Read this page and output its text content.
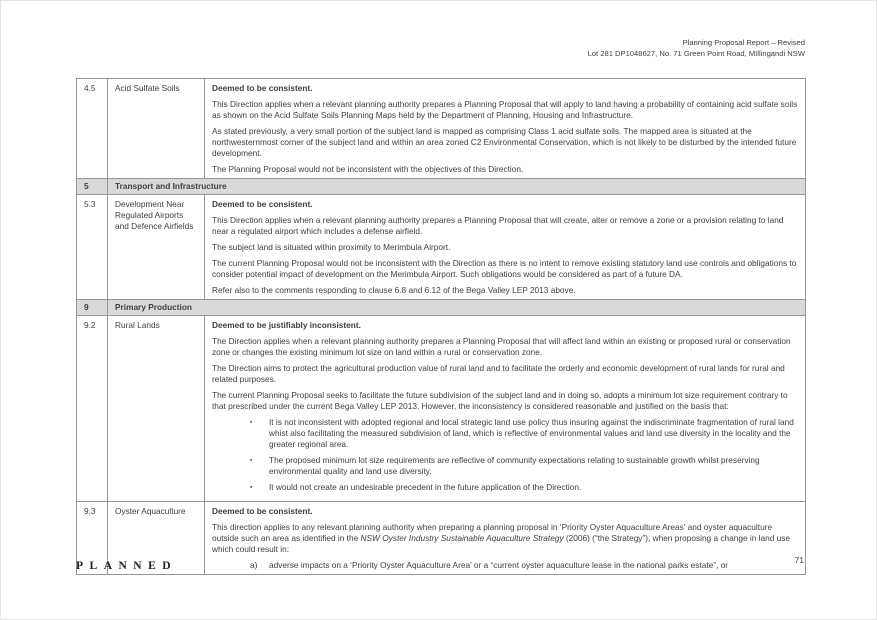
Planning Proposal Report – Revised
Lot 281 DP1048627, No. 71 Green Point Road, MIllingandi NSW
4.5	Acid Sulfate Soils	Deemed to be consistent.

This Direction applies when a relevant planning authority prepares a Planning Proposal that will apply to land having a probability of containing acid sulfate soils as shown on the Acid Sulfate Soils Planning Maps held by the Department of Planning, Housing and Infrastructure.

As stated previously, a very small portion of the subject land is mapped as comprising Class 1 acid sulfate soils. The mapped area is situated at the northwesternmost corner of the subject land and within an area zoned C2 Environmental Conservation, which is not likely to be disturbed by the intended future development.

The Planning Proposal would not be inconsistent with the objectives of this Direction.

5	Transport and Infrastructure	
5.3	Development Near Regulated Airports and Defence Airfields	Deemed to be consistent.

This Direction applies when a relevant planning authority prepares a Planning Proposal that will create, alter or remove a zone or a provision relating to land near a regulated airport which includes a defense airfield.

The subject land is situated within proximity to Merimbula Airport.

The current Planning Proposal would not be inconsistent with the Direction as there is no intent to remove existing statutory land use controls and obligations to consider potential impact of development on the Merimbula Airport. Such obligations would be considered as part of a future DA.

Refer also to the comments responding to clause 6.8 and 6.12 of the Bega Valley LEP 2013 above.

9	Primary Production	
9.2	Rural Lands	Deemed to be justifiably inconsistent.

The Direction applies when a relevant planning authority prepares a Planning Proposal that will affect land within an existing or proposed rural or conservation zone or changes the existing minimum lot size on land within a rural or conservation zone.

The Direction aims to protect the agricultural production value of rural land and to facilitate the orderly and economic development of rural lands for rural and related purposes.

The current Planning Proposal seeks to facilitate the future subdivision of the subject land and in doing so, adopts a minimum lot size requirement contrary to that prescribed under the current Bega Valley LEP 2013. However, the inconsistency is considered reasonable and justified on the basis that:

▪	It is not inconsistent with adopted regional and local strategic land use policy thus insuring against the indiscriminate fragmentation of rural land whist also facilitating the measured subdivision of land, which is reflective of environmental values and land use diversity in the locality and the greater regional area.
▪	The proposed minimum lot size requirements are reflective of community expectations relating to sustainable growth whilst preserving environmental quality and land use diversity.
▪	It would not create an undesirable precedent in the future application of the Direction.

9.3	Oyster Aquaculture	Deemed to be consistent.

This direction applies to any relevant planning authority when preparing a planning proposal in ‘Priority Oyster Aquaculture Areas’ and oyster aquaculture outside such an area as identified in the NSW Oyster Industry Sustainable Aquaculture Strategy (2006) (“the Strategy”), when proposing a change in land use which could result in:

a) adverse impacts on a ‘Priority Oyster Aquaculture Area’ or a “current oyster aquaculture lease in the national parks estate”, or
PLANNED	71
